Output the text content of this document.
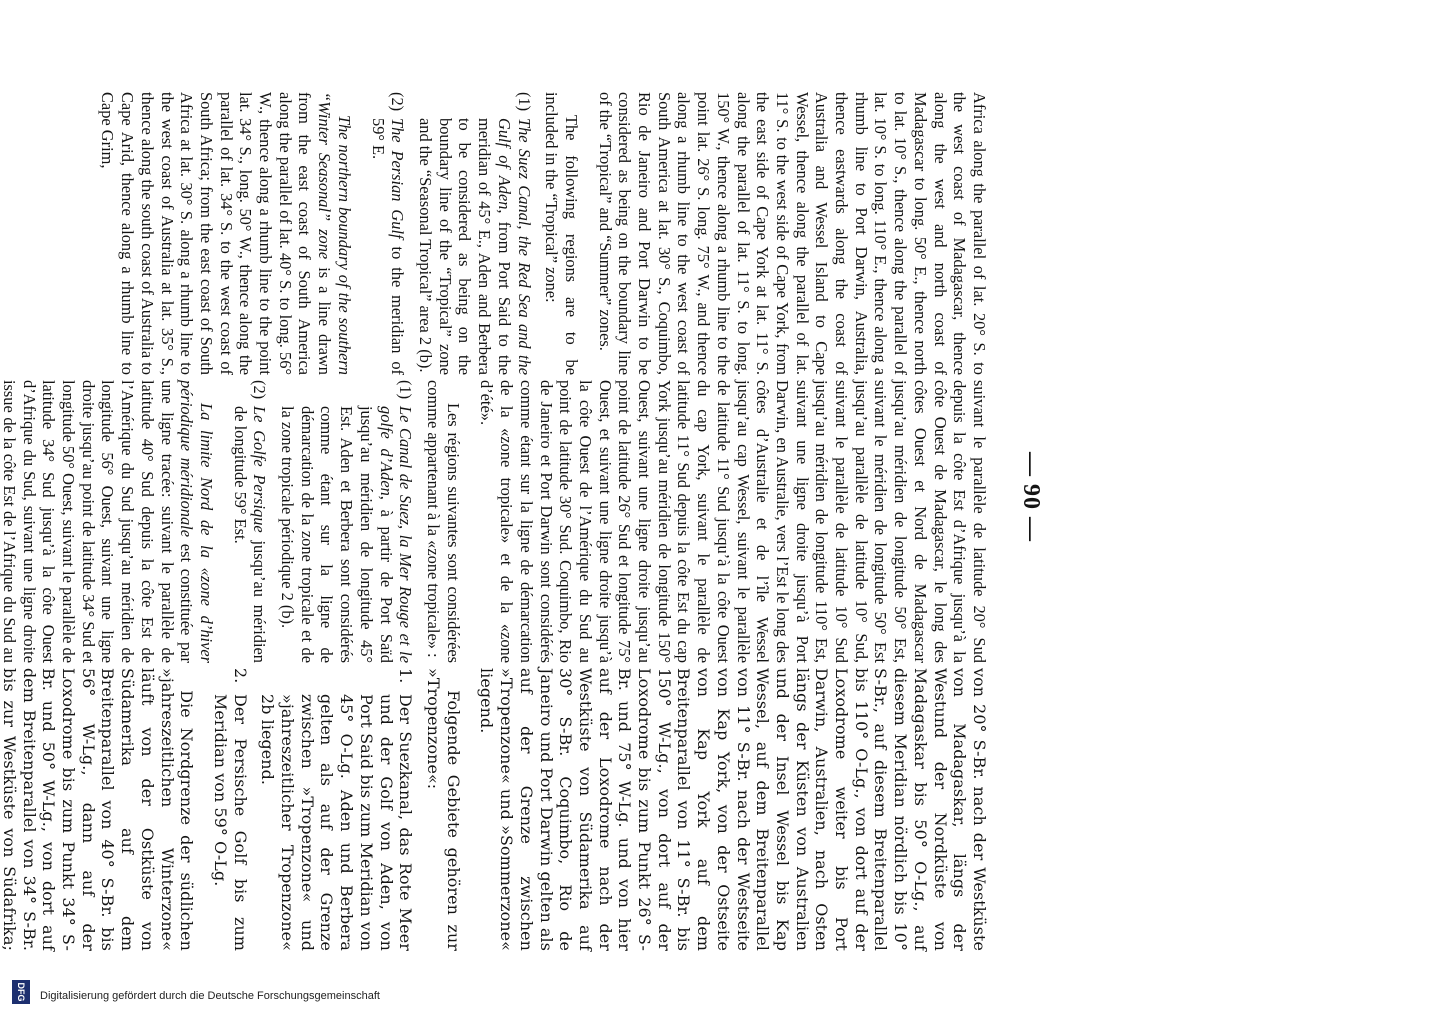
— 90 —

Africa along the parallel of lat. 20° S. to the west coast of Madagascar, thence along the west and north coast of Madagascar to long. 50° E., thence north to lat. 10° S., thence along the parallel of lat. 10° S. to long. 110° E., thence along a rhumb line to Port Darwin, Australia, thence eastwards along the coast of Australia and Wessel Island to Cape Wessel, thence along the parallel of lat. 11° S. to the west side of Cape York, from the east side of Cape York at lat. 11° S. along the parallel of lat. 11° S. to long. 150° W., thence along a rhumb line to the point lat. 26° S. long. 75° W., and thence along a rhumb line to the west coast of South America at lat. 30° S., Coquimbo, Rio de Janeiro and Port Darwin to be considered as being on the boundary line of the “Tropical” and “Summer” zones.

The following regions are to be included in the “Tropical” zone:

(1)The Suez Canal, the Red Sea and the Gulf of Aden, from Port Said to the meridian of 45° E., Aden and Berbera to be considered as being on the boundary line of the “Tropical” zone and the “Seasonal Tropical” area 2 (b).

(2)The Persian Gulf to the meridian of 59° E.

The northern boundary of the southern “Winter Seasonal” zone is a line drawn from the east coast of South America along the parallel of lat. 40° S. to long. 56° W., thence along a rhumb line to the point lat. 34° S., long. 50° W., thence along the parallel of lat. 34° S. to the west coast of South Africa; from the east coast of South Africa at lat. 30° S. along a rhumb line to the west coast of Australia at lat. 35° S., thence along the south coast of Australia to Cape Arid, thence along a rhumb line to Cape Grim,

suivant le parallèle de latitude 20° Sud depuis la côte Est d’Afrique jusqu’à la côte Ouest de Madagascar, le long des côtes Ouest et Nord de Madagascar jusqu’au méridien de longitude 50° Est, suivant le méridien de longitude 50° Est jusqu’au parallèle de latitude 10° Sud, suivant le parallèle de latitude 10° Sud jusqu’au méridien de longitude 110° Est, suivant une ligne droite jusqu’à Port Darwin, en Australie, vers l’Est le long des côtes d’Australie et de l’île Wessel jusqu’au cap Wessel, suivant le parallèle de latitude 11° Sud jusqu’à la côte Ouest du cap York, suivant le parallèle de latitude 11° Sud depuis la côte Est du cap York jusqu’au méridien de longitude 150° Ouest, suivant une ligne droite jusqu’au point de latitude 26° Sud et longitude 75° Ouest, et suivant une ligne droite jusqu’à la côte Ouest de l’Amérique du Sud au point de latitude 30° Sud. Coquimbo, Rio de Janeiro et Port Darwin sont considérés comme étant sur la ligne de démarcation de la «zone tropicale» et de la «zone d’été».

Les régions suivantes sont considérées comme appartenant à la «zone tropicale» :

(1)Le Canal de Suez, la Mer Rouge et le golfe d’Aden, à partir de Port Saïd jusqu’au méridien de longitude 45° Est. Aden et Berbera sont considérés comme étant sur la ligne de démarcation de la zone tropicale et de la zone tropicale périodique 2 (b).

(2)Le Golfe Persique jusqu’au méridien de longitude 59° Est.

La limite Nord de la «zone d’hiver périodique méridionale est constituée par une ligne tracée: suivant le parallèle de latitude 40° Sud depuis la côte Est de l’Amérique du Sud jusqu’au méridien de longitude 56° Ouest, suivant une ligne droite jusqu’au point de latitude 34° Sud et longitude 50° Ouest, suivant le parallèle de latitude 34° Sud jusqu’à la côte Ouest d’Afrique du Sud, suivant une ligne droite issue de la côte Est de l’Afrique du Sud au

von 20° S-Br. nach der Westküste von Madagaskar, längs der Westund der Nordküste von Madagaskar bis 50° O-Lg., auf diesem Meridian nördlich bis 10° S-Br., auf diesem Breitenparallel bis 110° O-Lg., von dort auf der Loxodrome weiter bis Port Darwin, Australien, nach Osten längs der Küsten von Australien und der Insel Wessel bis Kap Wessel, auf dem Breitenparallel von 11° S-Br. nach der Westseite von Kap York, von der Ostseite von Kap York auf dem Breitenparallel von 11° S-Br. bis 150° W-Lg., von dort auf der Loxodrome bis zum Punkt 26° S-Br. und 75° W-Lg. und von hier auf der Loxodrome nach der Westküste von Südamerika auf 30° S-Br. Coquimbo, Rio de Janeiro und Port Darwin gelten als auf der Grenze zwischen »Tropenzone« und »Sommerzone« liegend.

Folgende Gebiete gehören zur »Tropenzone«:

1.Der Suezkanal, das Rote Meer und der Golf von Aden, von Port Said bis zum Meridian von 45° O-Lg. Aden und Berbera gelten als auf der Grenze zwischen »Tropenzone« und »jahreszeitlicher Tropenzone« 2b liegend.

2.Der Persische Golf bis zum Meridian von 59° O-Lg.

Die Nordgrenze der südlichen »jahreszeitlichen Winterzone« läuft von der Ostküste von Südamerika auf dem Breitenparallel von 40° S-Br. bis 56° W-Lg., dann auf der Loxodrome bis zum Punkt 34° S-Br. und 50° W-Lg., von dort auf dem Breitenparallel von 34° S-Br. bis zur Westküste von Südafrika;

Digitalisierung gefördert durch die Deutsche Forschungsgemeinschaft
DFG
